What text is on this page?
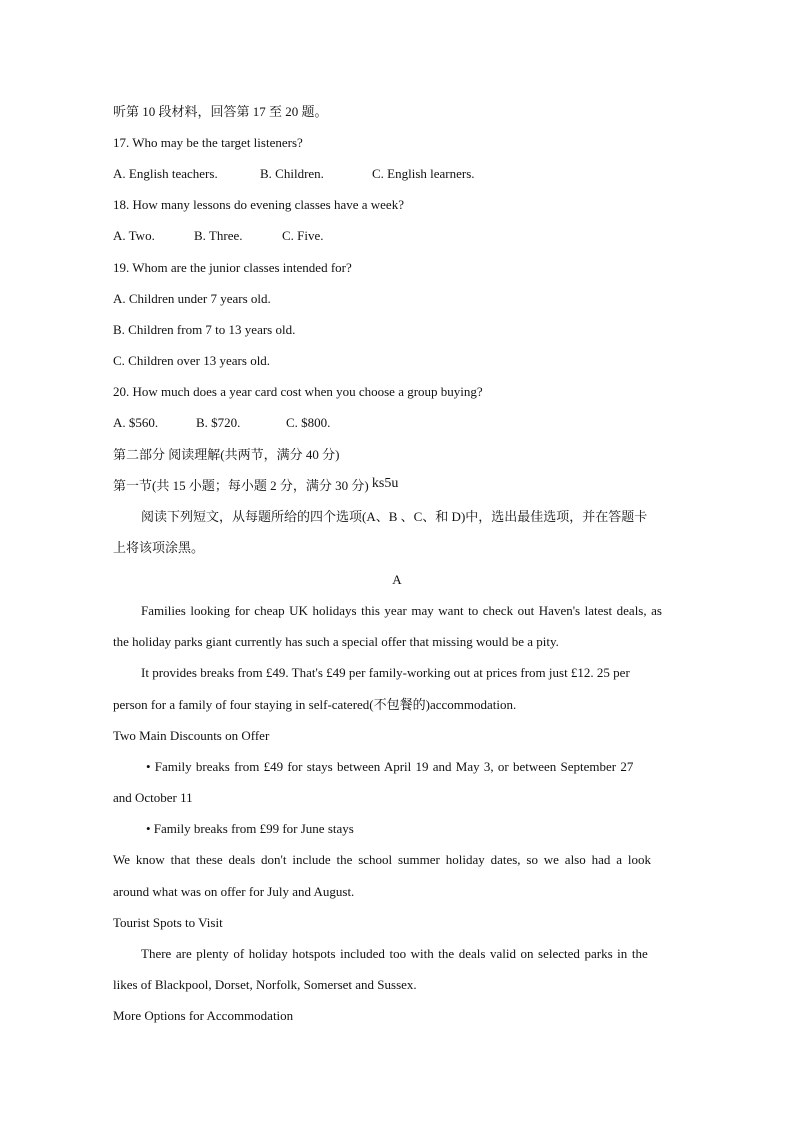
听第 10 段材料，回答第 17 至 20 题。
17. Who may be the target listeners?
A. English teachers.	B. Children.	C. English learners.
18. How many lessons do evening classes have a week?
A. Two.	B. Three.	C. Five.
19. Whom are the junior classes intended for?
A. Children under 7 years old.
B. Children from 7 to 13 years old.
C. Children over 13 years old.
20. How much does a year card cost when you choose a group buying?
A. $560.	B. $720.	C. $800.
第二部分 阅读理解(共两节，满分 40 分)
第一节(共 15 小题；每小题 2 分，满分 30 分) ks5u
阅读下列短文，从每题所给的四个选项(A、B 、C、和 D)中，选出最佳选项，并在答题卡
上将该项涂黑。
A
Families looking for cheap UK holidays this year may want to check out Haven's latest deals, as
the holiday parks giant currently has such a special offer that missing would be a pity.
It provides breaks from £49. That's £49 per family-working out at prices from just £12. 25 per
person for a family of four staying in self-catered(不包餐的)accommodation.
Two Main Discounts on Offer
• Family breaks from £49 for stays between April 19 and May 3, or between September 27
and October 11
• Family breaks from £99 for June stays
We know that these deals don't include the school summer holiday dates, so we also had a look
around what was on offer for July and August.
Tourist Spots to Visit
There are plenty of holiday hotspots included too with the deals valid on selected parks in the
likes of Blackpool, Dorset, Norfolk, Somerset and Sussex.
More Options for Accommodation
